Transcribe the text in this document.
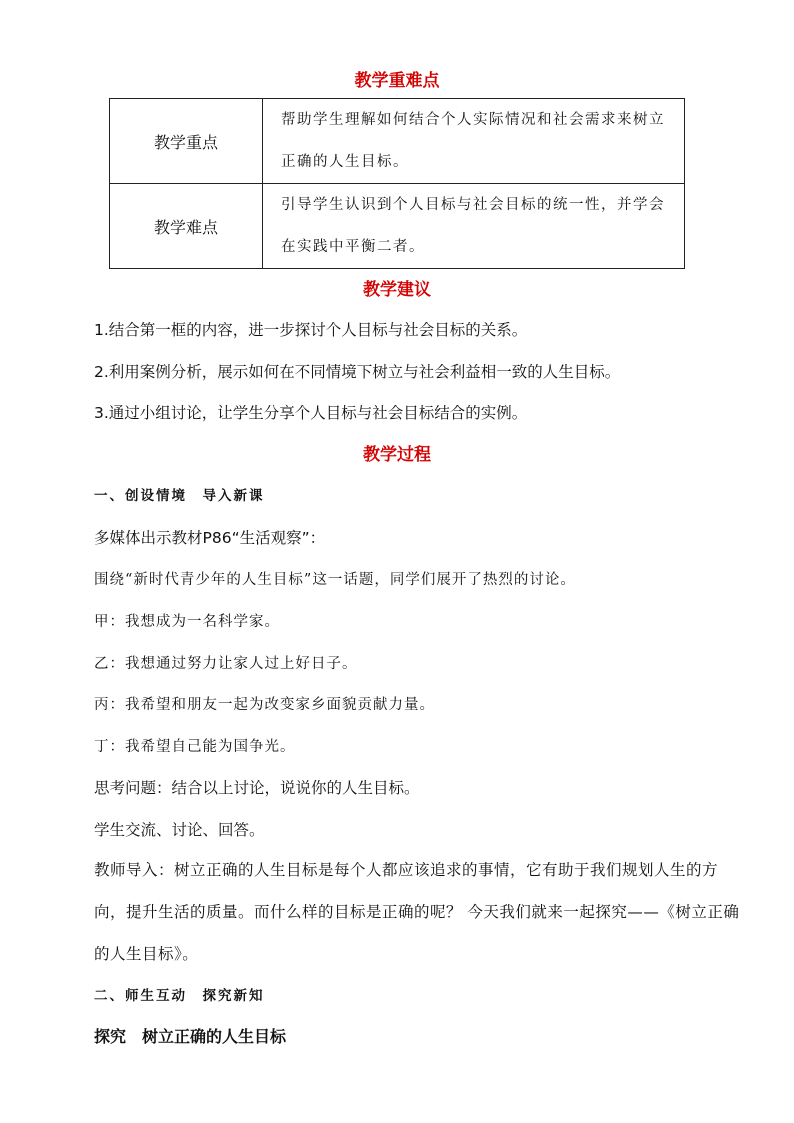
教学重难点
教学重点	帮助学生理解如何结合个人实际情况和社会需求来树立正确的人生目标。
教学难点	引导学生认识到个人目标与社会目标的统一性，并学会在实践中平衡二者。
教学建议
1.结合第一框的内容，进一步探讨个人目标与社会目标的关系。
2.利用案例分析，展示如何在不同情境下树立与社会利益相一致的人生目标。
3.通过小组讨论，让学生分享个人目标与社会目标结合的实例。
教学过程
一、创设情境　导入新课
多媒体出示教材P86“生活观察”：
围绕“新时代青少年的人生目标”这一话题，同学们展开了热烈的讨论。
甲：我想成为一名科学家。
乙：我想通过努力让家人过上好日子。
丙：我希望和朋友一起为改变家乡面貌贡献力量。
丁：我希望自己能为国争光。
思考问题：结合以上讨论，说说你的人生目标。
学生交流、讨论、回答。
教师导入：树立正确的人生目标是每个人都应该追求的事情，它有助于我们规划人生的方向，提升生活的质量。而什么样的目标是正确的呢？ 今天我们就来一起探究——《树立正确的人生目标》。
二、师生互动　探究新知
探究　树立正确的人生目标
